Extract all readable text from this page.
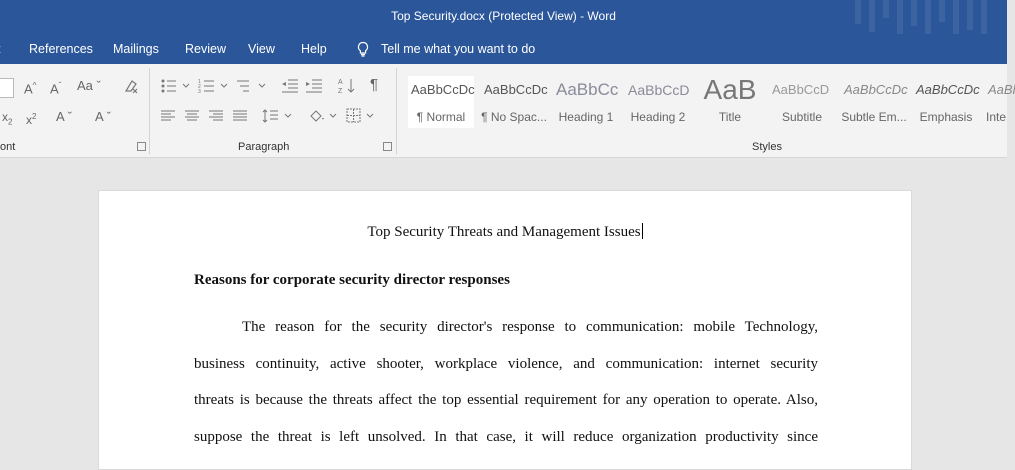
Top Security.docx (Protected View) - Word
References Mailings Review View Help	Tell me what you want to do
A^ $A^ˇ$ Aa ˇ
$x_2$ $x^2$ A ˇ A ˇ
ont
1
2
3
A
Z ¶
Paragraph
AaBbCcDc
¶ Normal
AaBbCcDc
¶ No Spac...
AaBbCc
Heading 1
AaBbCcD
Heading 2
AaB
Title
AaBbCcD
Subtitle
AaBbCcDc
Subtle Em...
AaBbCcDc
Emphasis
AaBl
Inte
Styles
Top Security Threats and Management Issues
Reasons for corporate security director responses
The reason for the security director's response to communication: mobile Technology,
business continuity, active shooter, workplace violence, and communication: internet security
threats is because the threats affect the top essential requirement for any operation to operate. Also,
suppose the threat is left unsolved. In that case, it will reduce organization productivity since
